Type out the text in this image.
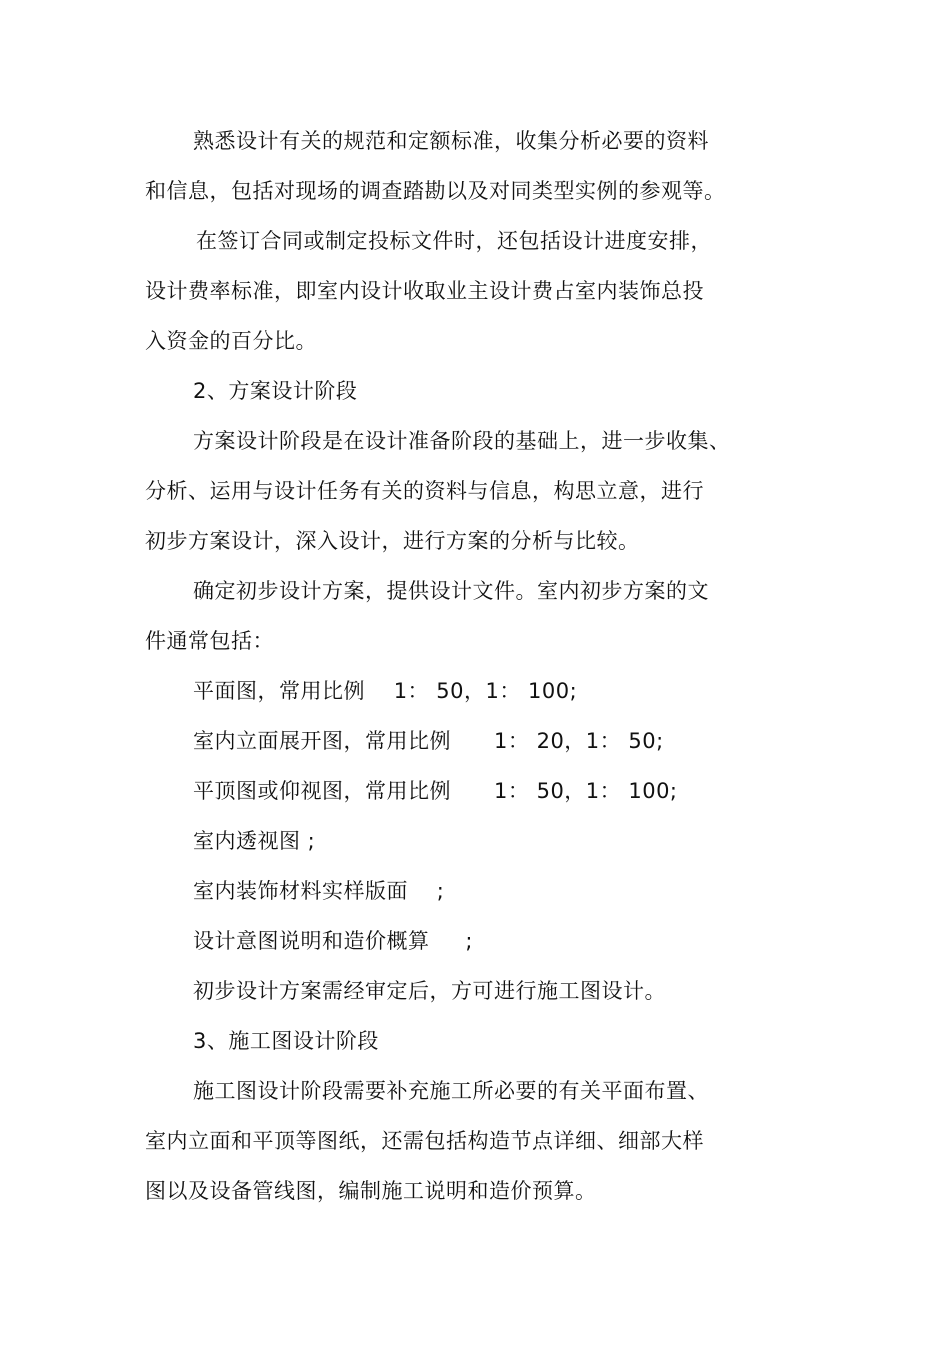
熟悉设计有关的规范和定额标准，收集分析必要的资料
和信息，包括对现场的调查踏勘以及对同类型实例的参观等。
在签订合同或制定投标文件时，还包括设计进度安排，
设计费率标准，即室内设计收取业主设计费占室内装饰总投
入资金的百分比。
2、方案设计阶段
方案设计阶段是在设计准备阶段的基础上，进一步收集、
分析、运用与设计任务有关的资料与信息，构思立意，进行
初步方案设计，深入设计，进行方案的分析与比较。
确定初步设计方案，提供设计文件。室内初步方案的文
件通常包括：
平面图，常用比例    1： 50，1： 100;
室内立面展开图，常用比例      1： 20，1： 50;
平顶图或仰视图，常用比例      1： 50，1： 100;
室内透视图 ;
室内装饰材料实样版面    ;
设计意图说明和造价概算     ;
初步设计方案需经审定后，方可进行施工图设计。
3、施工图设计阶段
施工图设计阶段需要补充施工所必要的有关平面布置、
室内立面和平顶等图纸，还需包括构造节点详细、细部大样
图以及设备管线图，编制施工说明和造价预算。
